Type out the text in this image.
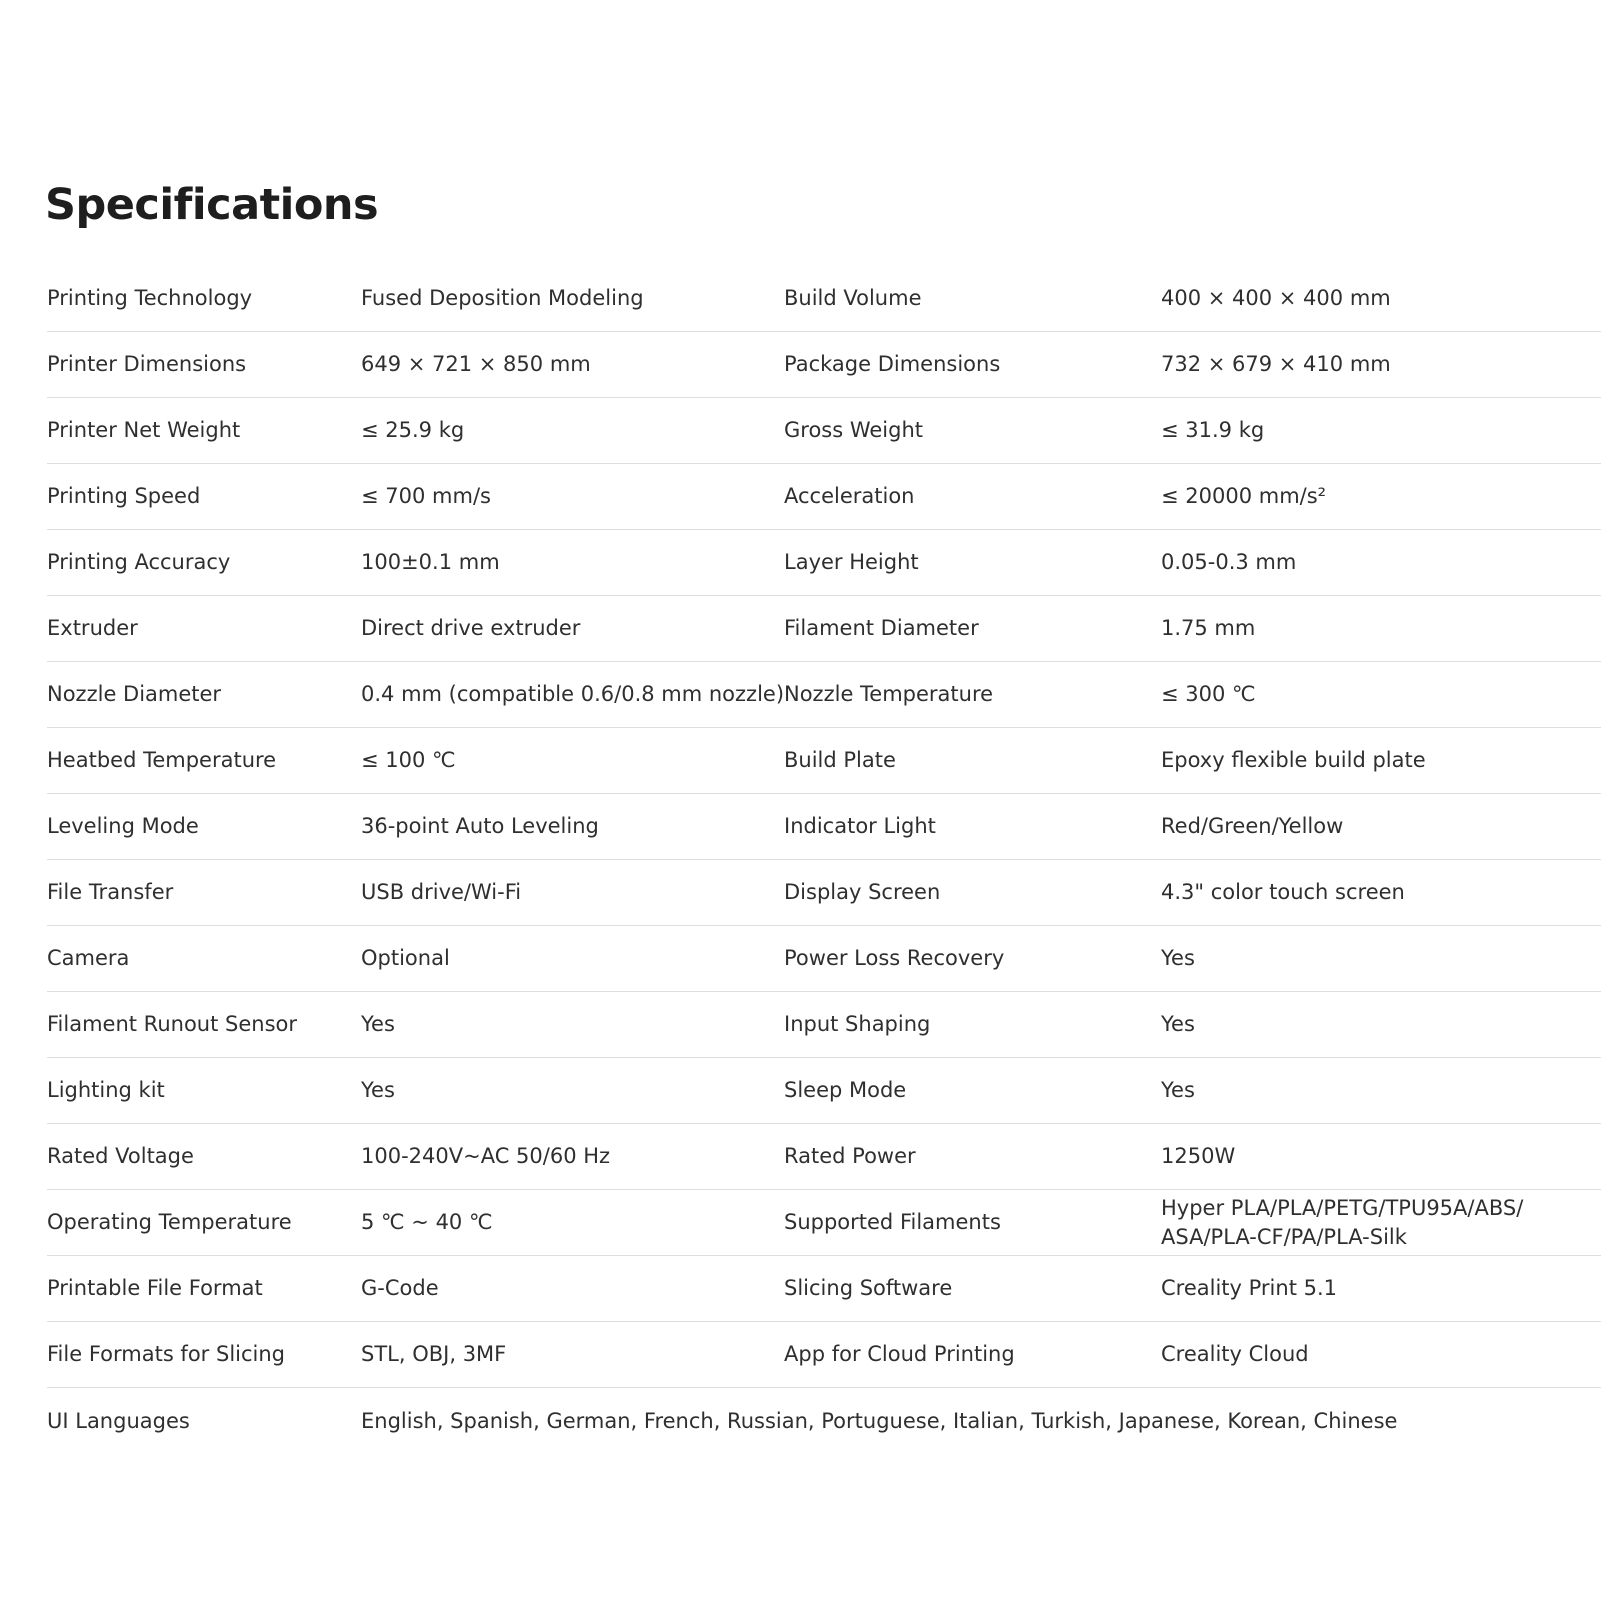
Specifications
Printing Technology	Fused Deposition Modeling	Build Volume	400 × 400 × 400 mm
Printer Dimensions	649 × 721 × 850 mm	Package Dimensions	732 × 679 × 410 mm
Printer Net Weight	≤ 25.9 kg	Gross Weight	≤ 31.9 kg
Printing Speed	≤ 700 mm/s	Acceleration	≤ 20000 mm/s²
Printing Accuracy	100±0.1 mm	Layer Height	0.05-0.3 mm
Extruder	Direct drive extruder	Filament Diameter	1.75 mm
Nozzle Diameter	0.4 mm (compatible 0.6/0.8 mm nozzle) Nozzle Temperature	≤ 300 ℃
Heatbed Temperature	≤ 100 ℃	Build Plate	Epoxy flexible build plate
Leveling Mode	36-point Auto Leveling	Indicator Light	Red/Green/Yellow
File Transfer	USB drive/Wi-Fi	Display Screen	4.3" color touch screen
Camera	Optional	Power Loss Recovery	Yes
Filament Runout Sensor	Yes	Input Shaping	Yes
Lighting kit	Yes	Sleep Mode	Yes
Rated Voltage	100-240V~AC 50/60 Hz	Rated Power	1250W
Operating Temperature	5 ℃ ~ 40 ℃	Supported Filaments
Hyper PLA/PLA/PETG/TPU95A/ABS/
ASA/PLA-CF/PA/PLA-Silk
Printable File Format	G-Code	Slicing Software	Creality Print 5.1
File Formats for Slicing	STL, OBJ, 3MF	App for Cloud Printing	Creality Cloud
UI Languages	English, Spanish, German, French, Russian, Portuguese, Italian, Turkish, Japanese, Korean, Chinese
